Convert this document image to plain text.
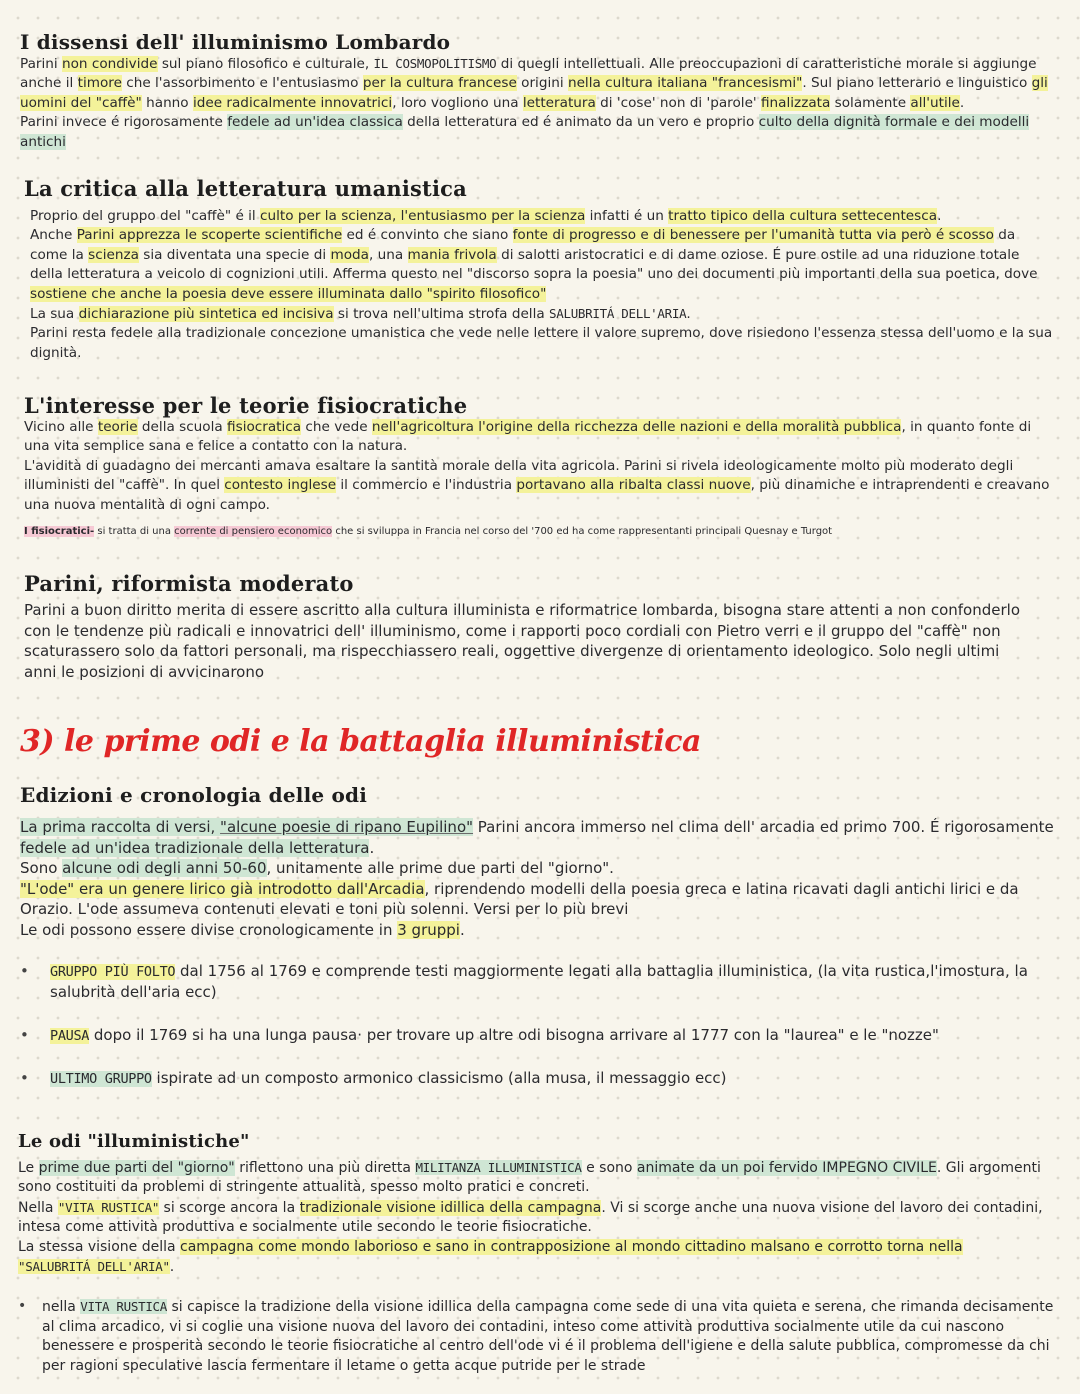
I dissensi dell' illuminismo Lombardo

Parini non condivide sul piano filosofico e culturale, IL COSMOPOLITISMO di quegli intellettuali. Alle preoccupazioni di caratteristiche morale si aggiunge anche il timore che l'assorbimento e l'entusiasmo per la cultura francese origini nella cultura italiana "francesismi". Sul piano letterario e linguistico gli uomini del "caffè" hanno idee radicalmente innovatrici, loro vogliono una letteratura di 'cose' non di 'parole' finalizzata solamente all'utile.

Parini invece é rigorosamente fedele ad un'idea classica della letteratura ed é animato da un vero e proprio culto della dignità formale e dei modelli antichi

La critica alla letteratura umanistica

Proprio del gruppo del "caffè" é il culto per la scienza, l'entusiasmo per la scienza infatti é un tratto tipico della cultura settecentesca.

Anche Parini apprezza le scoperte scientifiche ed é convinto che siano fonte di progresso e di benessere per l'umanità tutta via però é scosso da come la scienza sia diventata una specie di moda, una mania frivola di salotti aristocratici e di dame oziose. É pure ostile ad una riduzione totale della letteratura a veicolo di cognizioni utili. Afferma questo nel "discorso sopra la poesia" uno dei documenti più importanti della sua poetica, dove sostiene che anche la poesia deve essere illuminata dallo "spirito filosofico"

La sua dichiarazione più sintetica ed incisiva si trova nell'ultima strofa della SALUBRITÁ DELL'ARIA.

Parini resta fedele alla tradizionale concezione umanistica che vede nelle lettere il valore supremo, dove risiedono l'essenza stessa dell'uomo e la sua dignità.

L'interesse per le teorie fisiocratiche

Vicino alle teorie della scuola fisiocratica che vede nell'agricoltura l'origine della ricchezza delle nazioni e della moralità pubblica, in quanto fonte di una vita semplice sana e felice a contatto con la natura.

L'avidità di guadagno dei mercanti amava esaltare la santità morale della vita agricola. Parini si rivela ideologicamente molto più moderato degli illuministi del "caffè". In quel contesto inglese il commercio e l'industria portavano alla ribalta classi nuove, più dinamiche e intraprendenti e creavano una nuova mentalità di ogni campo.

I fisiocratici- si tratta di una corrente di pensiero economico che si sviluppa in Francia nel corso del '700 ed ha come rappresentanti principali Quesnay e Turgot

Parini, riformista moderato

Parini a buon diritto merita di essere ascritto alla cultura illuminista e riformatrice lombarda, bisogna stare attenti a non confonderlo con le tendenze più radicali e innovatrici dell' illuminismo, come i rapporti poco cordiali con Pietro verri e il gruppo del "caffè" non scaturassero solo da fattori personali, ma rispecchiassero reali, oggettive divergenze di orientamento ideologico. Solo negli ultimi anni le posizioni di avvicinarono

3) le prime odi e la battaglia illuministica
Edizioni e cronologia delle odi

La prima raccolta di versi, "alcune poesie di ripano Eupilino" Parini ancora immerso nel clima dell' arcadia ed primo 700. É rigorosamente fedele ad un'idea tradizionale della letteratura.

Sono alcune odi degli anni 50-60, unitamente alle prime due parti del "giorno".

"L'ode" era un genere lirico già introdotto dall'Arcadia, riprendendo modelli della poesia greca e latina ricavati dagli antichi lirici e da Orazio. L'ode assumeva contenuti elevati e toni più solenni. Versi per lo più brevi

Le odi possono essere divise cronologicamente in 3 gruppi.

• GRUPPO PIÙ FOLTO dal 1756 al 1769 e comprende testi maggiormente legati alla battaglia illuministica, (la vita rustica,l'imostura, la salubrità dell'aria ecc)
• PAUSA dopo il 1769 si ha una lunga pausa· per trovare up altre odi bisogna arrivare al 1777 con la "laurea" e le "nozze"
• ULTIMO GRUPPO ispirate ad un composto armonico classicismo (alla musa, il messaggio ecc)
Le odi "illuministiche"

Le prime due parti del "giorno" riflettono una più diretta MILITANZA ILLUMINISTICA e sono animate da un poi fervido IMPEGNO CIVILE. Gli argomenti sono costituiti da problemi di stringente attualità, spesso molto pratici e concreti.

Nella "VITA RUSTICA" si scorge ancora la tradizionale visione idillica della campagna. Vi si scorge anche una nuova visione del lavoro dei contadini, intesa come attività produttiva e socialmente utile secondo le teorie fisiocratiche.

La stessa visione della campagna come mondo laborioso e sano in contrapposizione al mondo cittadino malsano e corrotto torna nella
"SALUBRITÁ DELL'ARIA".

• nella VITA RUSTICA si capisce la tradizione della visione idillica della campagna come sede di una vita quieta e serena, che rimanda decisamente al clima arcadico, vi si coglie una visione nuova del lavoro dei contadini, inteso come attività produttiva socialmente utile da cui nascono benessere e prosperità secondo le teorie fisiocratiche al centro dell'ode vi é il problema dell'igiene e della salute pubblica, compromesse da chi per ragioni speculative lascia fermentare il letame o getta acque putride per le strade
